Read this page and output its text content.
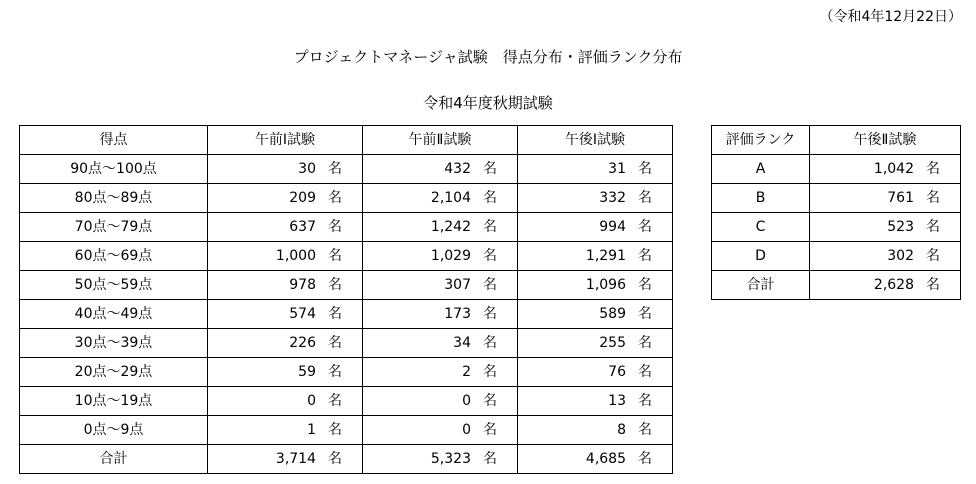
（令和4年12月22日）
プロジェクトマネージャ試験　得点分布・評価ランク分布
令和4年度秋期試験
得点	午前Ⅰ試験	午前Ⅱ試験	午後Ⅰ試験
90点～100点	30 名	432 名	31 名

80点～89点	209 名	2,104 名	332 名

70点～79点	637 名	1,242 名	994 名

60点～69点	1,000 名	1,029 名	1,291 名

50点～59点	978 名	307 名	1,096 名

40点～49点	574 名	173 名	589 名

30点～39点	226 名	34 名	255 名

20点～29点	59 名	2 名	76 名

10点～19点	0 名	0 名	13 名

0点～9点	1 名	0 名	8 名

合計	3,714 名	5,323 名	4,685 名
評価ランク	午後Ⅱ試験
A	1,042 名

B	761 名

C	523 名

D	302 名

合計	2,628 名
